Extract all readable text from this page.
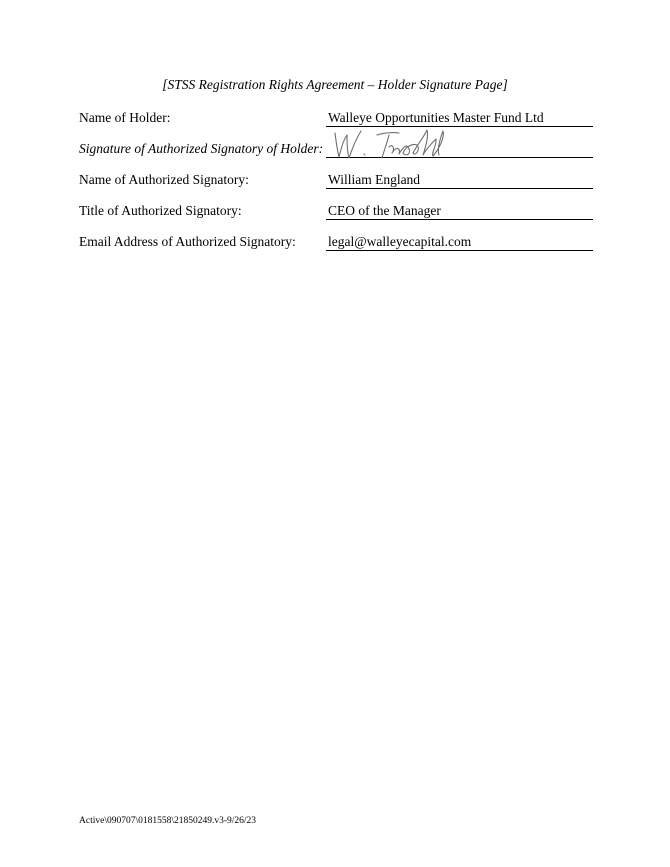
[STSS Registration Rights Agreement – Holder Signature Page]
Name of Holder:	Walleye Opportunities Master Fund Ltd
Signature of Authorized Signatory of Holder:
Name of Authorized Signatory:	William England
Title of Authorized Signatory:	CEO of the Manager
Email Address of Authorized Signatory: legal@walleyecapital.com
Active\090707\0181558\21850249.v3-9/26/23
